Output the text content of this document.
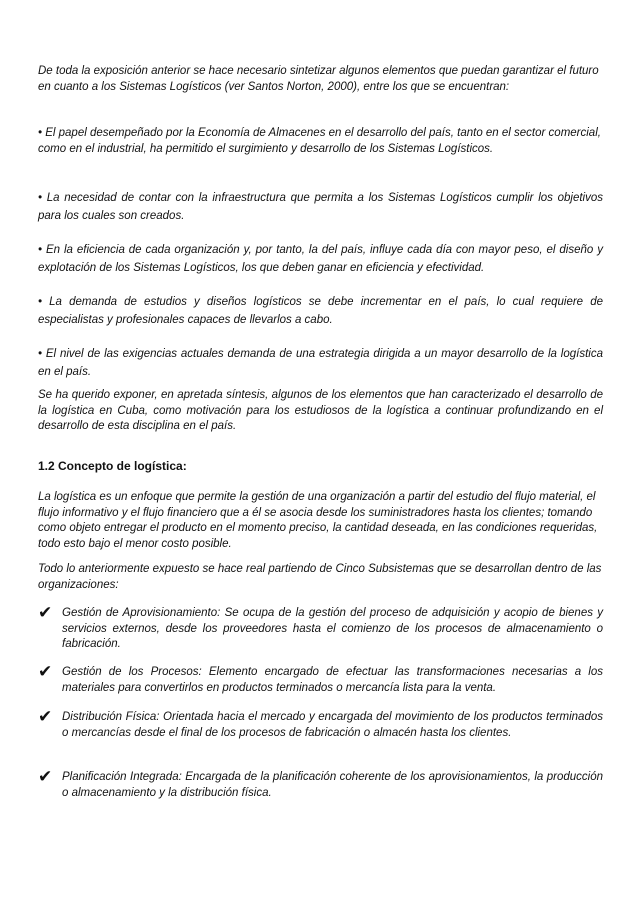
De toda la exposición anterior se hace necesario sintetizar algunos elementos que puedan garantizar el futuro en cuanto a los Sistemas Logísticos (ver Santos Norton, 2000), entre los que se encuentran:

• El papel desempeñado por la Economía de Almacenes en el desarrollo del país, tanto en el sector comercial, como en el industrial, ha permitido el surgimiento y desarrollo de los Sistemas Logísticos.

• La necesidad de contar con la infraestructura que permita a los Sistemas Logísticos cumplir los objetivos para los cuales son creados.

• En la eficiencia de cada organización y, por tanto, la del país, influye cada día con mayor peso, el diseño y explotación de los Sistemas Logísticos, los que deben ganar en eficiencia y efectividad.

• La demanda de estudios y diseños logísticos se debe incrementar en el país, lo cual requiere de especialistas y profesionales capaces de llevarlos a cabo.

• El nivel de las exigencias actuales demanda de una estrategia dirigida a un mayor desarrollo de la logística en el país.

Se ha querido exponer, en apretada síntesis, algunos de los elementos que han caracterizado el desarrollo de la logística en Cuba, como motivación para los estudiosos de la logística a continuar profundizando en el desarrollo de esta disciplina en el país.

1.2 Concepto de logística:

La logística es un enfoque que permite la gestión de una organización a partir del estudio del flujo material, el flujo informativo y el flujo financiero que a él se asocia desde los suministradores hasta los clientes; tomando como objeto entregar el producto en el momento preciso, la cantidad deseada, en las condiciones requeridas, todo esto bajo el menor costo posible.

Todo lo anteriormente expuesto se hace real partiendo de Cinco Subsistemas que se desarrollan dentro de las organizaciones:

✔ Gestión de Aprovisionamiento: Se ocupa de la gestión del proceso de adquisición y acopio de bienes y servicios externos, desde los proveedores hasta el comienzo de los procesos de almacenamiento o fabricación.
✔ Gestión de los Procesos: Elemento encargado de efectuar las transformaciones necesarias a los materiales para convertirlos en productos terminados o mercancía lista para la venta.
✔ Distribución Física: Orientada hacia el mercado y encargada del movimiento de los productos terminados o mercancías desde el final de los procesos de fabricación o almacén hasta los clientes.
✔ Planificación Integrada: Encargada de la planificación coherente de los aprovisionamientos, la producción o almacenamiento y la distribución física.
